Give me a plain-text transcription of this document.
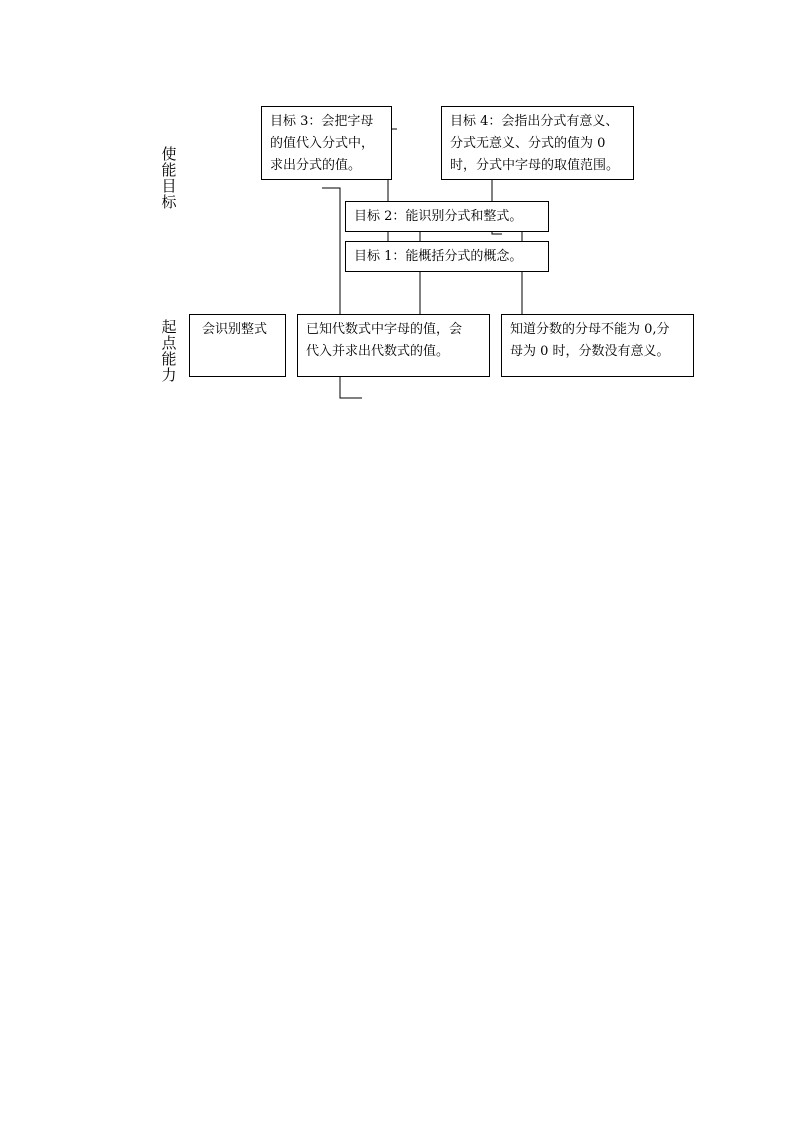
使能目标
起点能力
目标 3：会把字母
的值代入分式中，
求出分式的值。
目标 4：会指出分式有意义、
分式无意义、分式的值为 0
时，分式中字母的取值范围。
目标 2：能识别分式和整式。
目标 1：能概括分式的概念。
会识别整式	已知代数式中字母的值，会
代入并求出代数式的值。
知道分数的分母不能为 0,分
母为 0 时，分数没有意义。
